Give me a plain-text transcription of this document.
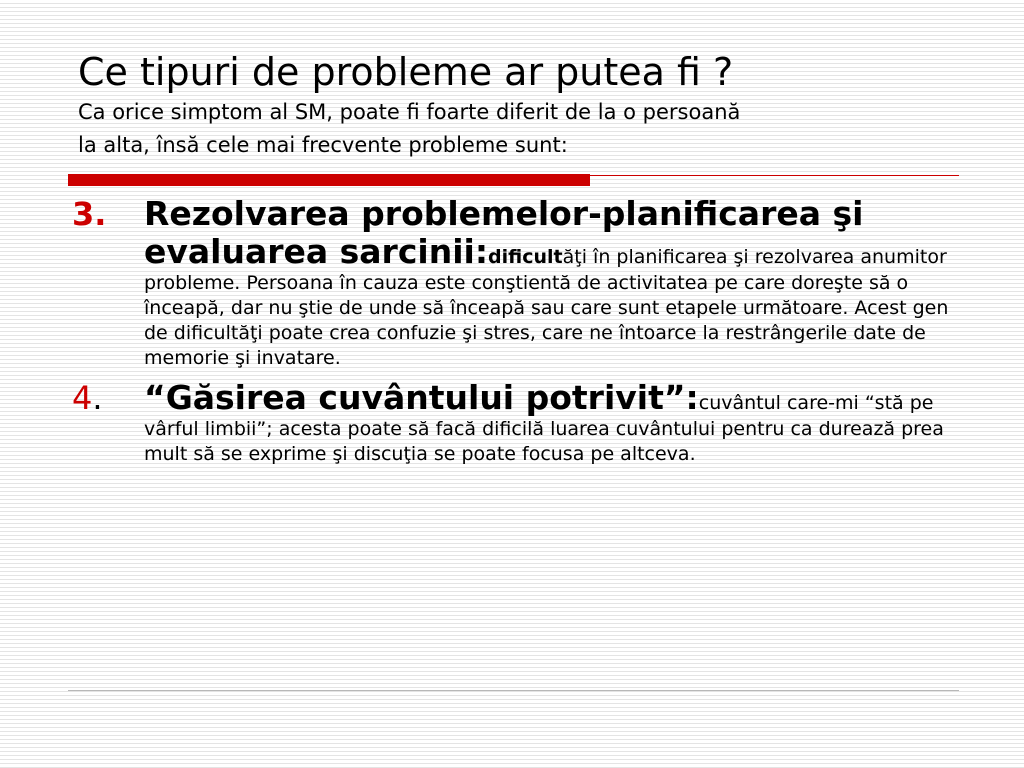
Ce tipuri de probleme ar putea fi ?
Ca orice simptom al SM, poate fi foarte diferit de la o persoană
la alta, însă cele mai frecvente probleme sunt:
3. Rezolvarea problemelor-planificarea şi evaluarea sarcinii:dificultăţi în planificarea şi rezolvarea anumitor probleme. Persoana în cauza este conştientă de activitatea pe care doreşte să o înceapă, dar nu ştie de unde să înceapă sau care sunt etapele următoare. Acest gen de dificultăţi poate crea confuzie şi stres, care ne întoarce la restrângerile date de memorie şi invatare.
4. “Găsirea cuvântului potrivit”:cuvântul care-mi “stă pe vârful limbii”; acesta poate să facă dificilă luarea cuvântului pentru ca durează prea mult să se exprime şi discuţia se poate focusa pe altceva.
